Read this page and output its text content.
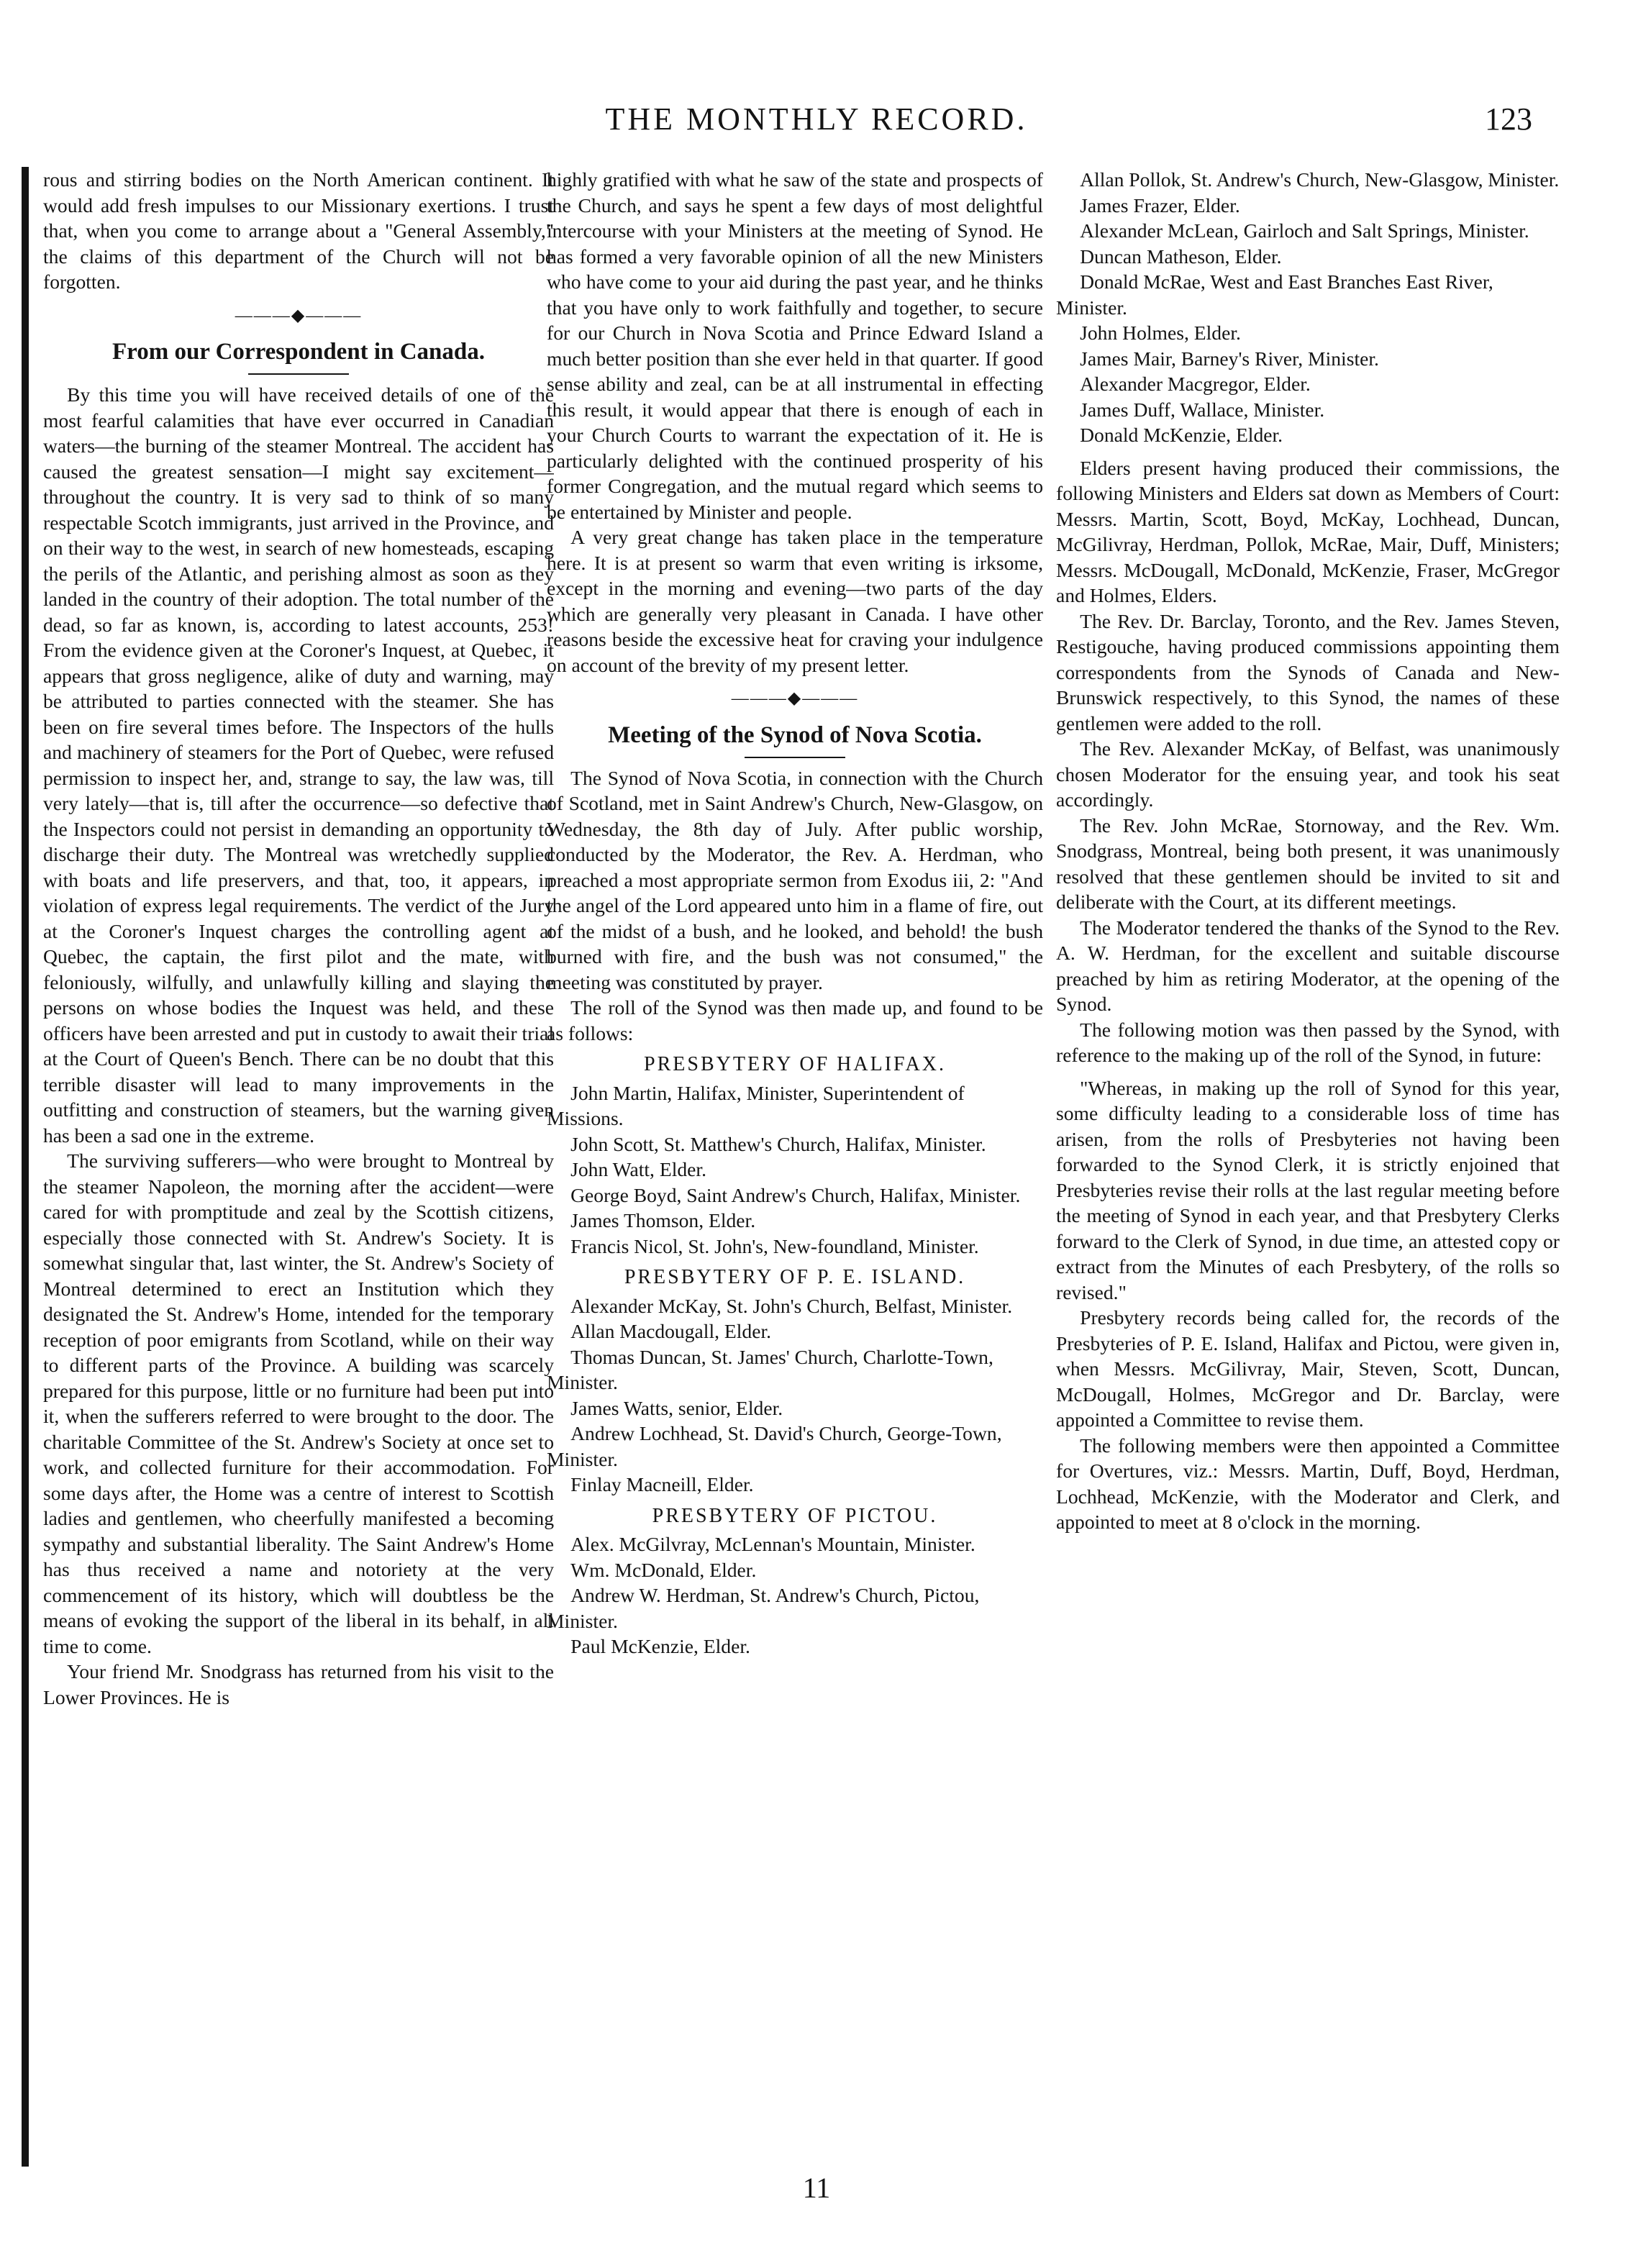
THE MONTHLY RECORD.	123

rous and stirring bodies on the North American continent. It would add fresh impulses to our Missionary exertions. I trust that, when you come to arrange about a "General Assembly," the claims of this department of the Church will not be forgotten.

———◆———
From our Correspondent in Canada.

By this time you will have received details of one of the most fearful calamities that have ever occurred in Canadian waters—the burning of the steamer Montreal. The accident has caused the greatest sensation—I might say excitement—throughout the country. It is very sad to think of so many respectable Scotch immigrants, just arrived in the Province, and on their way to the west, in search of new homesteads, escaping the perils of the Atlantic, and perishing almost as soon as they landed in the country of their adoption. The total number of the dead, so far as known, is, according to latest accounts, 253! From the evidence given at the Coroner's Inquest, at Quebec, it appears that gross negligence, alike of duty and warning, may be attributed to parties connected with the steamer. She has been on fire several times before. The Inspectors of the hulls and machinery of steamers for the Port of Quebec, were refused permission to inspect her, and, strange to say, the law was, till very lately—that is, till after the occurrence—so defective that the Inspectors could not persist in demanding an opportunity to discharge their duty. The Montreal was wretchedly supplied with boats and life preservers, and that, too, it appears, in violation of express legal requirements. The verdict of the Jury at the Coroner's Inquest charges the controlling agent at Quebec, the captain, the first pilot and the mate, with feloniously, wilfully, and unlawfully killing and slaying the persons on whose bodies the Inquest was held, and these officers have been arrested and put in custody to await their trial at the Court of Queen's Bench. There can be no doubt that this terrible disaster will lead to many improvements in the outfitting and construction of steamers, but the warning given has been a sad one in the extreme.

The surviving sufferers—who were brought to Montreal by the steamer Napoleon, the morning after the accident—were cared for with promptitude and zeal by the Scottish citizens, especially those connected with St. Andrew's Society. It is somewhat singular that, last winter, the St. Andrew's Society of Montreal determined to erect an Institution which they designated the St. Andrew's Home, intended for the temporary reception of poor emigrants from Scotland, while on their way to different parts of the Province. A building was scarcely prepared for this purpose, little or no furniture had been put into it, when the sufferers referred to were brought to the door. The charitable Committee of the St. Andrew's Society at once set to work, and collected furniture for their accommodation. For some days after, the Home was a centre of interest to Scottish ladies and gentlemen, who cheerfully manifested a becoming sympathy and substantial liberality. The Saint Andrew's Home has thus received a name and notoriety at the very commencement of its history, which will doubtless be the means of evoking the support of the liberal in its behalf, in all time to come.

Your friend Mr. Snodgrass has returned from his visit to the Lower Provinces. He is

highly gratified with what he saw of the state and prospects of the Church, and says he spent a few days of most delightful intercourse with your Ministers at the meeting of Synod. He has formed a very favorable opinion of all the new Ministers who have come to your aid during the past year, and he thinks that you have only to work faithfully and together, to secure for our Church in Nova Scotia and Prince Edward Island a much better position than she ever held in that quarter. If good sense ability and zeal, can be at all instrumental in effecting this result, it would appear that there is enough of each in your Church Courts to warrant the expectation of it. He is particularly delighted with the continued prosperity of his former Congregation, and the mutual regard which seems to be entertained by Minister and people.

A very great change has taken place in the temperature here. It is at present so warm that even writing is irksome, except in the morning and evening—two parts of the day which are generally very pleasant in Canada. I have other reasons beside the excessive heat for craving your indulgence on account of the brevity of my present letter.

———◆———
Meeting of the Synod of Nova Scotia.

The Synod of Nova Scotia, in connection with the Church of Scotland, met in Saint Andrew's Church, New-Glasgow, on Wednesday, the 8th day of July. After public worship, conducted by the Moderator, the Rev. A. Herdman, who preached a most appropriate sermon from Exodus iii, 2: "And the angel of the Lord appeared unto him in a flame of fire, out of the midst of a bush, and he looked, and behold! the bush burned with fire, and the bush was not consumed," the meeting was constituted by prayer.

The roll of the Synod was then made up, and found to be as follows:

PRESBYTERY OF HALIFAX.

John Martin, Halifax, Minister, Superintendent of Missions.

John Scott, St. Matthew's Church, Halifax, Minister.

John Watt, Elder.

George Boyd, Saint Andrew's Church, Halifax, Minister.

James Thomson, Elder.

Francis Nicol, St. John's, New-foundland, Minister.

PRESBYTERY OF P. E. ISLAND.

Alexander McKay, St. John's Church, Belfast, Minister.

Allan Macdougall, Elder.

Thomas Duncan, St. James' Church, Charlotte-Town, Minister.

James Watts, senior, Elder.

Andrew Lochhead, St. David's Church, George-Town, Minister.

Finlay Macneill, Elder.

PRESBYTERY OF PICTOU.

Alex. McGilvray, McLennan's Mountain, Minister.

Wm. McDonald, Elder.

Andrew W. Herdman, St. Andrew's Church, Pictou, Minister.

Paul McKenzie, Elder.

Allan Pollok, St. Andrew's Church, New-Glasgow, Minister.

James Frazer, Elder.

Alexander McLean, Gairloch and Salt Springs, Minister.

Duncan Matheson, Elder.

Donald McRae, West and East Branches East River, Minister.

John Holmes, Elder.

James Mair, Barney's River, Minister.

Alexander Macgregor, Elder.

James Duff, Wallace, Minister.

Donald McKenzie, Elder.

Elders present having produced their commissions, the following Ministers and Elders sat down as Members of Court: Messrs. Martin, Scott, Boyd, McKay, Lochhead, Duncan, McGilivray, Herdman, Pollok, McRae, Mair, Duff, Ministers; Messrs. McDougall, McDonald, McKenzie, Fraser, McGregor and Holmes, Elders.

The Rev. Dr. Barclay, Toronto, and the Rev. James Steven, Restigouche, having produced commissions appointing them correspondents from the Synods of Canada and New-Brunswick respectively, to this Synod, the names of these gentlemen were added to the roll.

The Rev. Alexander McKay, of Belfast, was unanimously chosen Moderator for the ensuing year, and took his seat accordingly.

The Rev. John McRae, Stornoway, and the Rev. Wm. Snodgrass, Montreal, being both present, it was unanimously resolved that these gentlemen should be invited to sit and deliberate with the Court, at its different meetings.

The Moderator tendered the thanks of the Synod to the Rev. A. W. Herdman, for the excellent and suitable discourse preached by him as retiring Moderator, at the opening of the Synod.

The following motion was then passed by the Synod, with reference to the making up of the roll of the Synod, in future:

"Whereas, in making up the roll of Synod for this year, some difficulty leading to a considerable loss of time has arisen, from the rolls of Presbyteries not having been forwarded to the Synod Clerk, it is strictly enjoined that Presbyteries revise their rolls at the last regular meeting before the meeting of Synod in each year, and that Presbytery Clerks forward to the Clerk of Synod, in due time, an attested copy or extract from the Minutes of each Presbytery, of the rolls so revised."

Presbytery records being called for, the records of the Presbyteries of P. E. Island, Halifax and Pictou, were given in, when Messrs. McGilivray, Mair, Steven, Scott, Duncan, McDougall, Holmes, McGregor and Dr. Barclay, were appointed a Committee to revise them.

The following members were then appointed a Committee for Overtures, viz.: Messrs. Martin, Duff, Boyd, Herdman, Lochhead, McKenzie, with the Moderator and Clerk, and appointed to meet at 8 o'clock in the morning.

11
